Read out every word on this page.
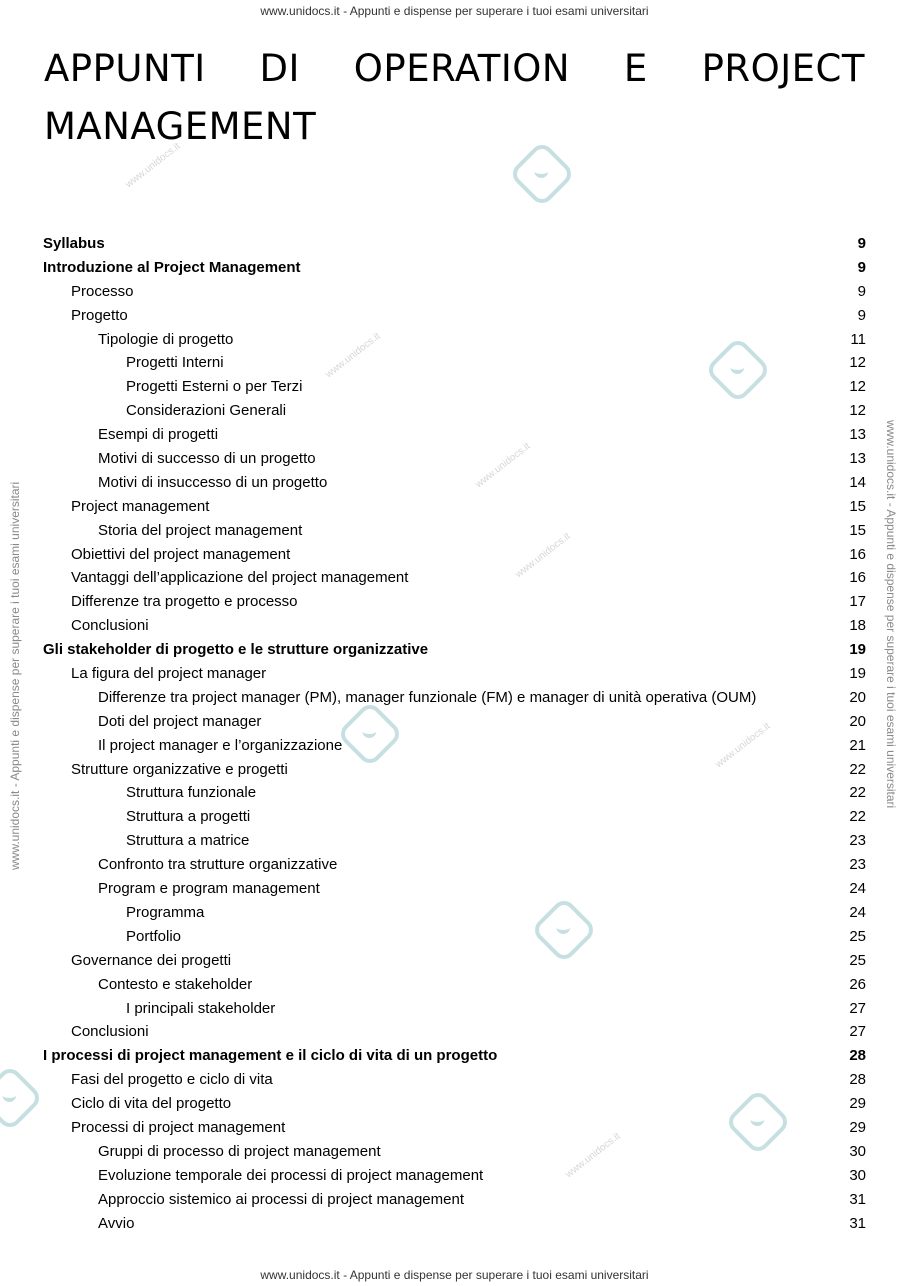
www.unidocs.it - Appunti e dispense per superare i tuoi esami universitari
www.unidocs.it - Appunti e dispense per superare i tuoi esami universitari
www.unidocs.it - Appunti e dispense per superare i tuoi esami universitari	www.unidocs.it - Appunti e dispense per superare i tuoi esami universitari
www.unidocs.it
www.unidocs.it
www.unidocs.it
www.unidocs.it
www.unidocs.it
www.unidocs.it
APPUNTI DI OPERATION E PROJECT MANAGEMENT
Syllabus	9
Introduzione al Project Management	9
Processo	9
Progetto	9
Tipologie di progetto	11
Progetti Interni	12
Progetti Esterni o per Terzi	12
Considerazioni Generali	12
Esempi di progetti	13
Motivi di successo di un progetto	13
Motivi di insuccesso di un progetto	14
Project management	15
Storia del project management	15
Obiettivi del project management	16
Vantaggi dell’applicazione del project management	16
Differenze tra progetto e processo	17
Conclusioni	18
Gli stakeholder di progetto e le strutture organizzative	19
La figura del project manager	19
Differenze tra project manager (PM), manager funzionale (FM) e manager di unità operativa (OUM)	20
Doti del project manager	20
Il project manager e l’organizzazione	21
Strutture organizzative e progetti	22
Struttura funzionale	22
Struttura a progetti	22
Struttura a matrice	23
Confronto tra strutture organizzative	23
Program e program management	24
Programma	24
Portfolio	25
Governance dei progetti	25
Contesto e stakeholder	26
I principali stakeholder	27
Conclusioni	27
I processi di project management e il ciclo di vita di un progetto	28
Fasi del progetto e ciclo di vita	28
Ciclo di vita del progetto	29
Processi di project management	29
Gruppi di processo di project management	30
Evoluzione temporale dei processi di project management	30
Approccio sistemico ai processi di project management	31
Avvio	31
